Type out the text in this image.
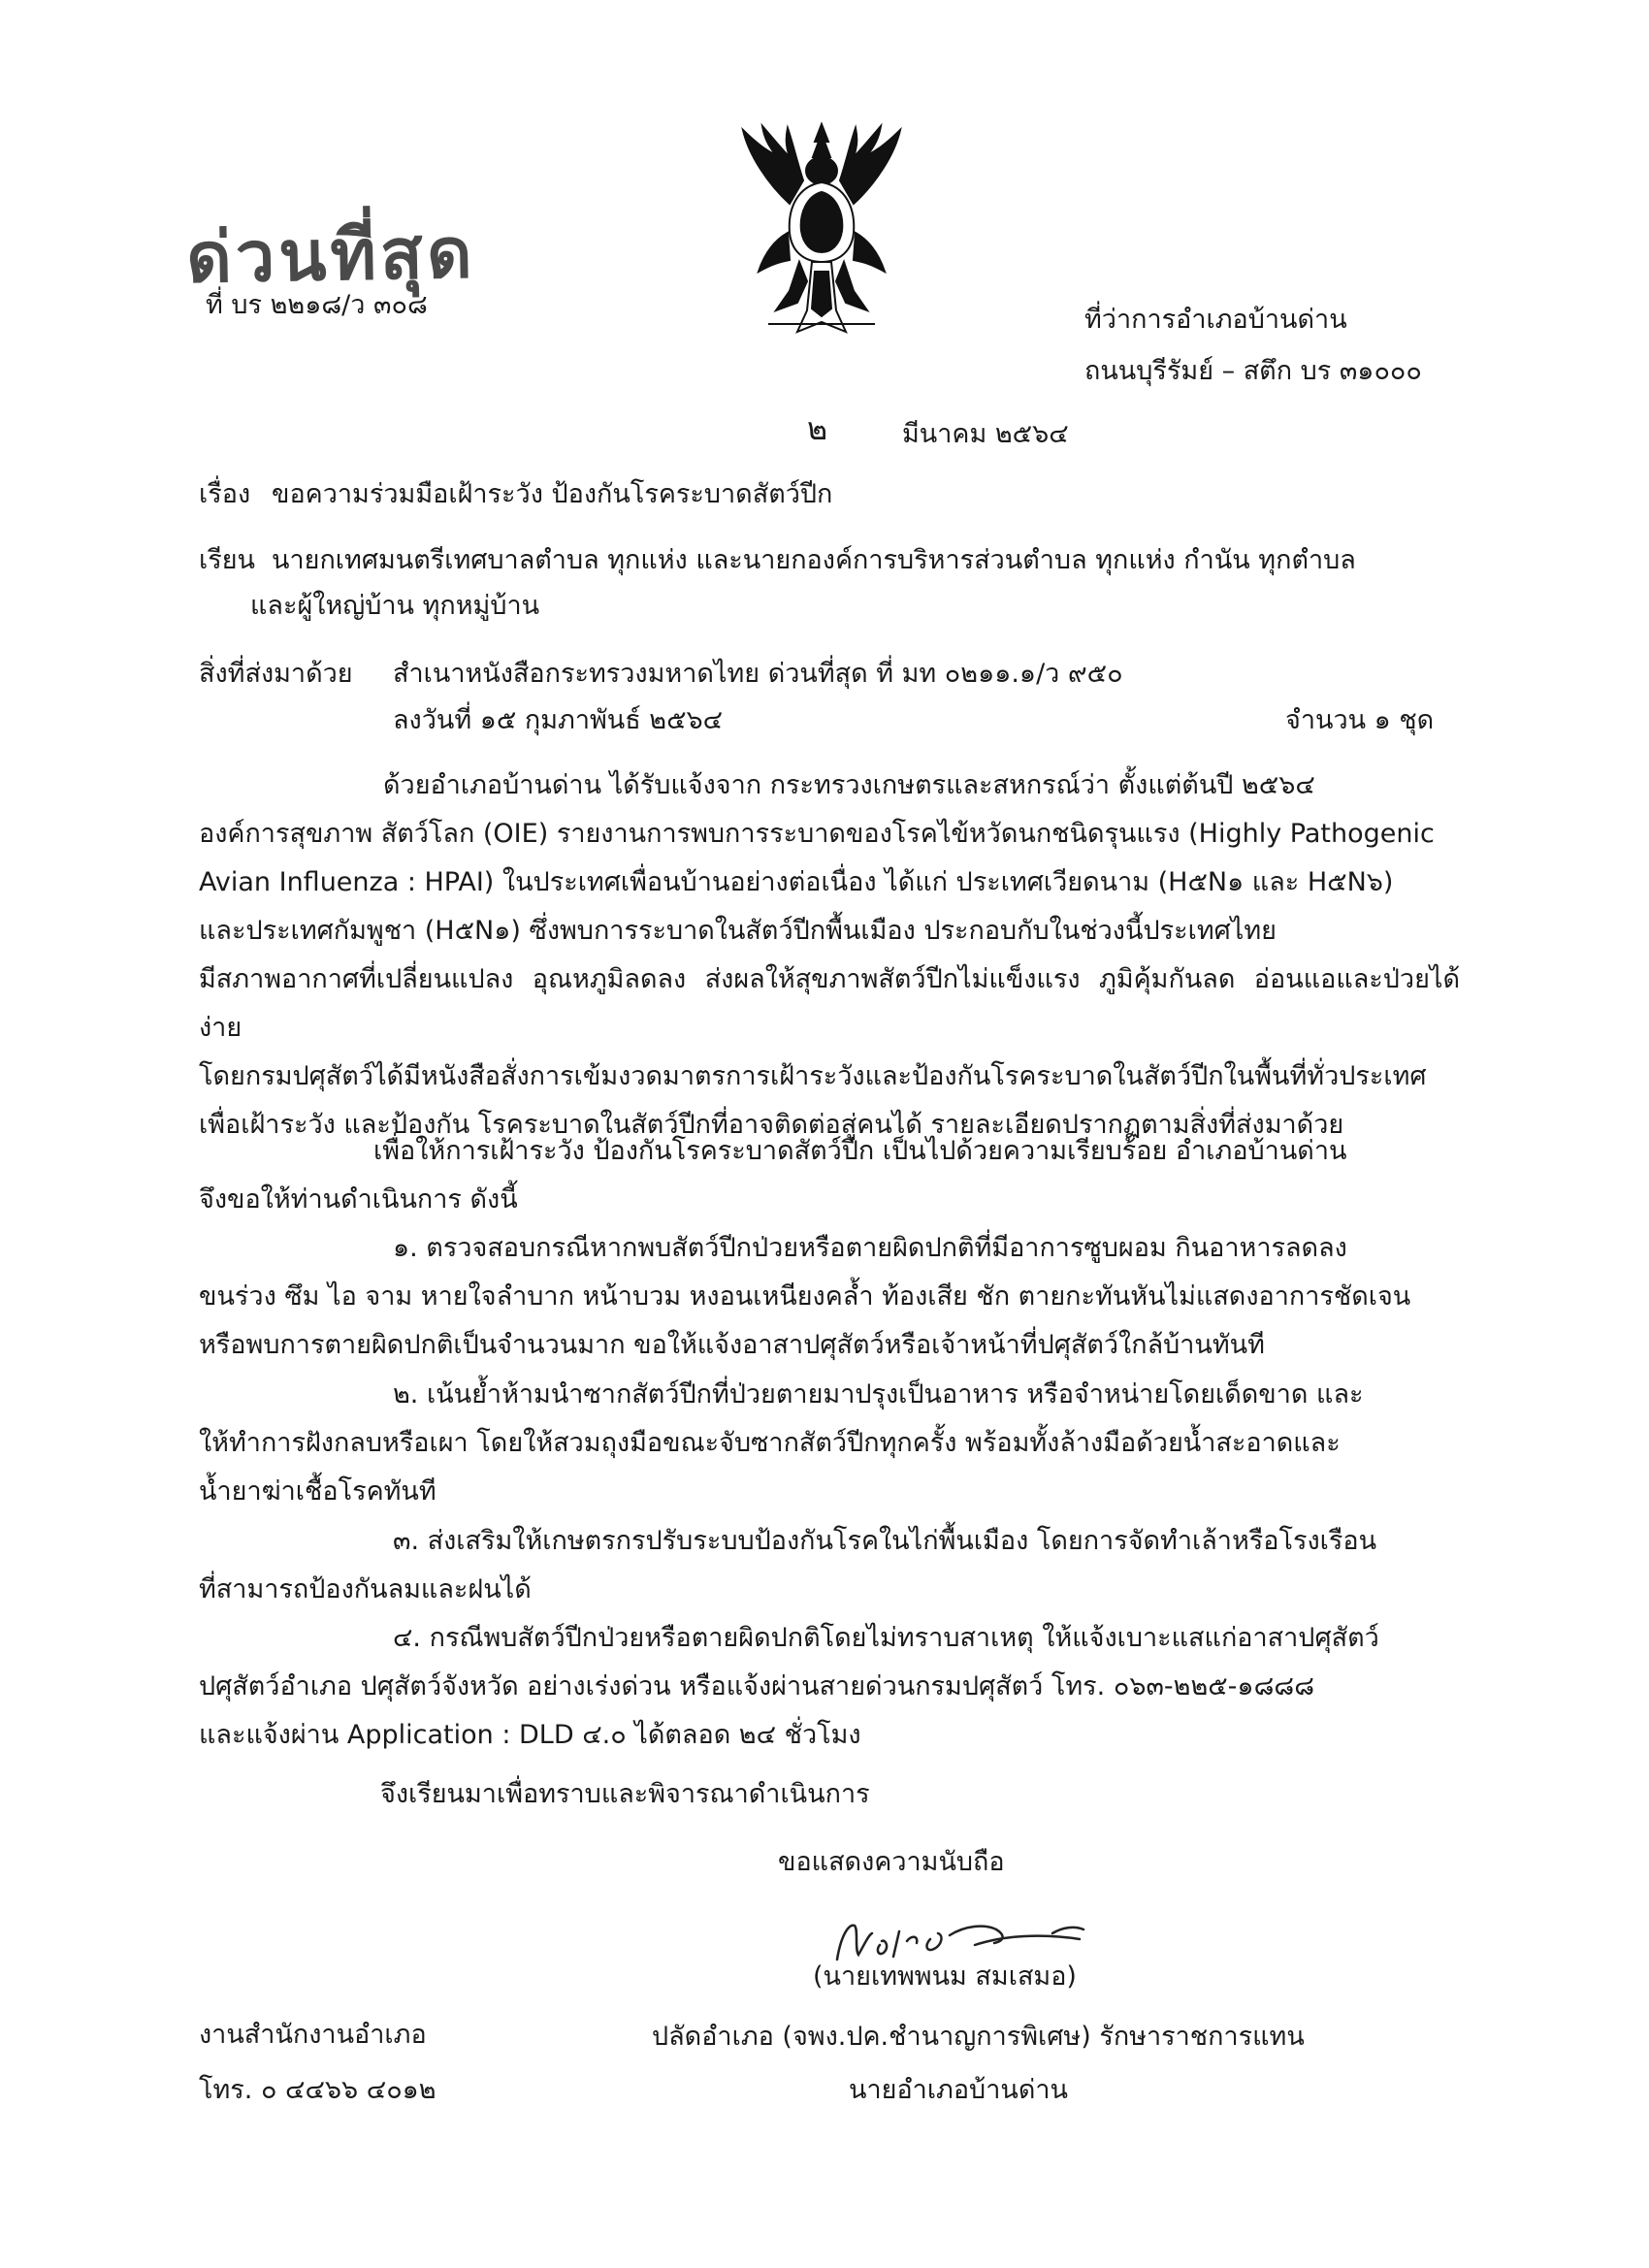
ด่วนที่สุด
ที่ บร ๒๒๑๘/ว ๓๐๘	ที่ว่าการอำเภอบ้านด่าน
ถนนบุรีรัมย์ – สตึก บร ๓๑๐๐๐
๒	มีนาคม ๒๕๖๔
เรื่อง ขอความร่วมมือเฝ้าระวัง ป้องกันโรคระบาดสัตว์ปีก
เรียน นายกเทศมนตรีเทศบาลตำบล ทุกแห่ง และนายกองค์การบริหารส่วนตำบล ทุกแห่ง กำนัน ทุกตำบล
และผู้ใหญ่บ้าน ทุกหมู่บ้าน
สิ่งที่ส่งมาด้วย สำเนาหนังสือกระทรวงมหาดไทย ด่วนที่สุด ที่ มท ๐๒๑๑.๑/ว ๙๕๐
ลงวันที่ ๑๕ กุมภาพันธ์ ๒๕๖๔	จำนวน ๑ ชุด

ด้วยอำเภอบ้านด่าน ได้รับแจ้งจาก กระทรวงเกษตรและสหกรณ์ว่า ตั้งแต่ต้นปี ๒๕๖๔

องค์การสุขภาพ สัตว์โลก (OIE) รายงานการพบการระบาดของโรคไข้หวัดนกชนิดรุนแรง (Highly Pathogenic

Avian Influenza : HPAI) ในประเทศเพื่อนบ้านอย่างต่อเนื่อง ได้แก่ ประเทศเวียดนาม (H๕N๑ และ H๕N๖)

และประเทศกัมพูชา (H๕N๑) ซึ่งพบการระบาดในสัตว์ปีกพื้นเมือง ประกอบกับในช่วงนี้ประเทศไทย

มีสภาพอากาศที่เปลี่ยนแปลง อุณหภูมิลดลง ส่งผลให้สุขภาพสัตว์ปีกไม่แข็งแรง ภูมิคุ้มกันลด อ่อนแอและป่วยได้ง่าย

โดยกรมปศุสัตว์ได้มีหนังสือสั่งการเข้มงวดมาตรการเฝ้าระวังและป้องกันโรคระบาดในสัตว์ปีกในพื้นที่ทั่วประเทศ

เพื่อเฝ้าระวัง และป้องกัน โรคระบาดในสัตว์ปีกที่อาจติดต่อสู่คนได้ รายละเอียดปรากฏตามสิ่งที่ส่งมาด้วย

เพื่อให้การเฝ้าระวัง ป้องกันโรคระบาดสัตว์ปีก เป็นไปด้วยความเรียบร้อย อำเภอบ้านด่าน

จึงขอให้ท่านดำเนินการ ดังนี้

๑. ตรวจสอบกรณีหากพบสัตว์ปีกป่วยหรือตายผิดปกติที่มีอาการซูบผอม กินอาหารลดลง

ขนร่วง ซึม ไอ จาม หายใจลำบาก หน้าบวม หงอนเหนียงคล้ำ ท้องเสีย ชัก ตายกะทันหันไม่แสดงอาการชัดเจน

หรือพบการตายผิดปกติเป็นจำนวนมาก ขอให้แจ้งอาสาปศุสัตว์หรือเจ้าหน้าที่ปศุสัตว์ใกล้บ้านทันที

๒. เน้นย้ำห้ามนำซากสัตว์ปีกที่ป่วยตายมาปรุงเป็นอาหาร หรือจำหน่ายโดยเด็ดขาด และ

ให้ทำการฝังกลบหรือเผา โดยให้สวมถุงมือขณะจับซากสัตว์ปีกทุกครั้ง พร้อมทั้งล้างมือด้วยน้ำสะอาดและ

น้ำยาฆ่าเชื้อโรคทันที

๓. ส่งเสริมให้เกษตรกรปรับระบบป้องกันโรคในไก่พื้นเมือง โดยการจัดทำเล้าหรือโรงเรือน

ที่สามารถป้องกันลมและฝนได้

๔. กรณีพบสัตว์ปีกป่วยหรือตายผิดปกติโดยไม่ทราบสาเหตุ ให้แจ้งเบาะแสแก่อาสาปศุสัตว์

ปศุสัตว์อำเภอ ปศุสัตว์จังหวัด อย่างเร่งด่วน หรือแจ้งผ่านสายด่วนกรมปศุสัตว์ โทร. ๐๖๓-๒๒๕-๑๘๘๘

และแจ้งผ่าน Application : DLD ๔.๐ ได้ตลอด ๒๔ ชั่วโมง

จึงเรียนมาเพื่อทราบและพิจารณาดำเนินการ
ขอแสดงความนับถือ
(นายเทพพนม สมเสมอ)
ปลัดอำเภอ (จพง.ปค.ชำนาญการพิเศษ) รักษาราชการแทน
นายอำเภอบ้านด่าน
งานสำนักงานอำเภอ
โทร. ๐ ๔๔๖๖ ๔๐๑๒
